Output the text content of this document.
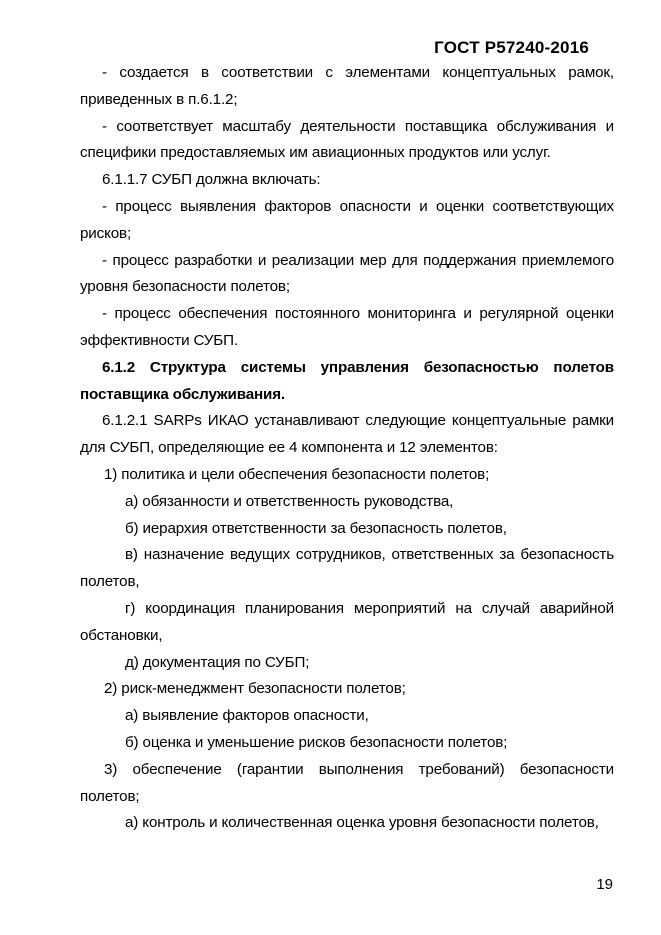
ГОСТ Р57240-2016

- создается в соответствии с элементами концептуальных рамок, приведенных в п.6.1.2;

- соответствует масштабу деятельности поставщика обслуживания и специфики предоставляемых им авиационных продуктов или услуг.

6.1.1.7 СУБП должна включать:

- процесс выявления факторов опасности и оценки соответствующих рисков;

- процесс разработки и реализации мер для поддержания приемлемого уровня безопасности полетов;

- процесс обеспечения постоянного мониторинга и регулярной оценки эффективности СУБП.

6.1.2 Структура системы управления безопасностью полетов поставщика обслуживания.

6.1.2.1 SARPs ИКАО устанавливают следующие концептуальные рамки для СУБП, определяющие ее 4 компонента и 12 элементов:

1) политика и цели обеспечения безопасности полетов;

а) обязанности и ответственность руководства,

б) иерархия ответственности за безопасность полетов,

в) назначение ведущих сотрудников, ответственных за безопасность полетов,

г) координация планирования мероприятий на случай аварийной обстановки,

д) документация по СУБП;

2) риск-менеджмент безопасности полетов;

а) выявление факторов опасности,

б) оценка и уменьшение рисков безопасности полетов;

3) обеспечение (гарантии выполнения требований) безопасности полетов;

а) контроль и количественная оценка уровня безопасности полетов,

19
